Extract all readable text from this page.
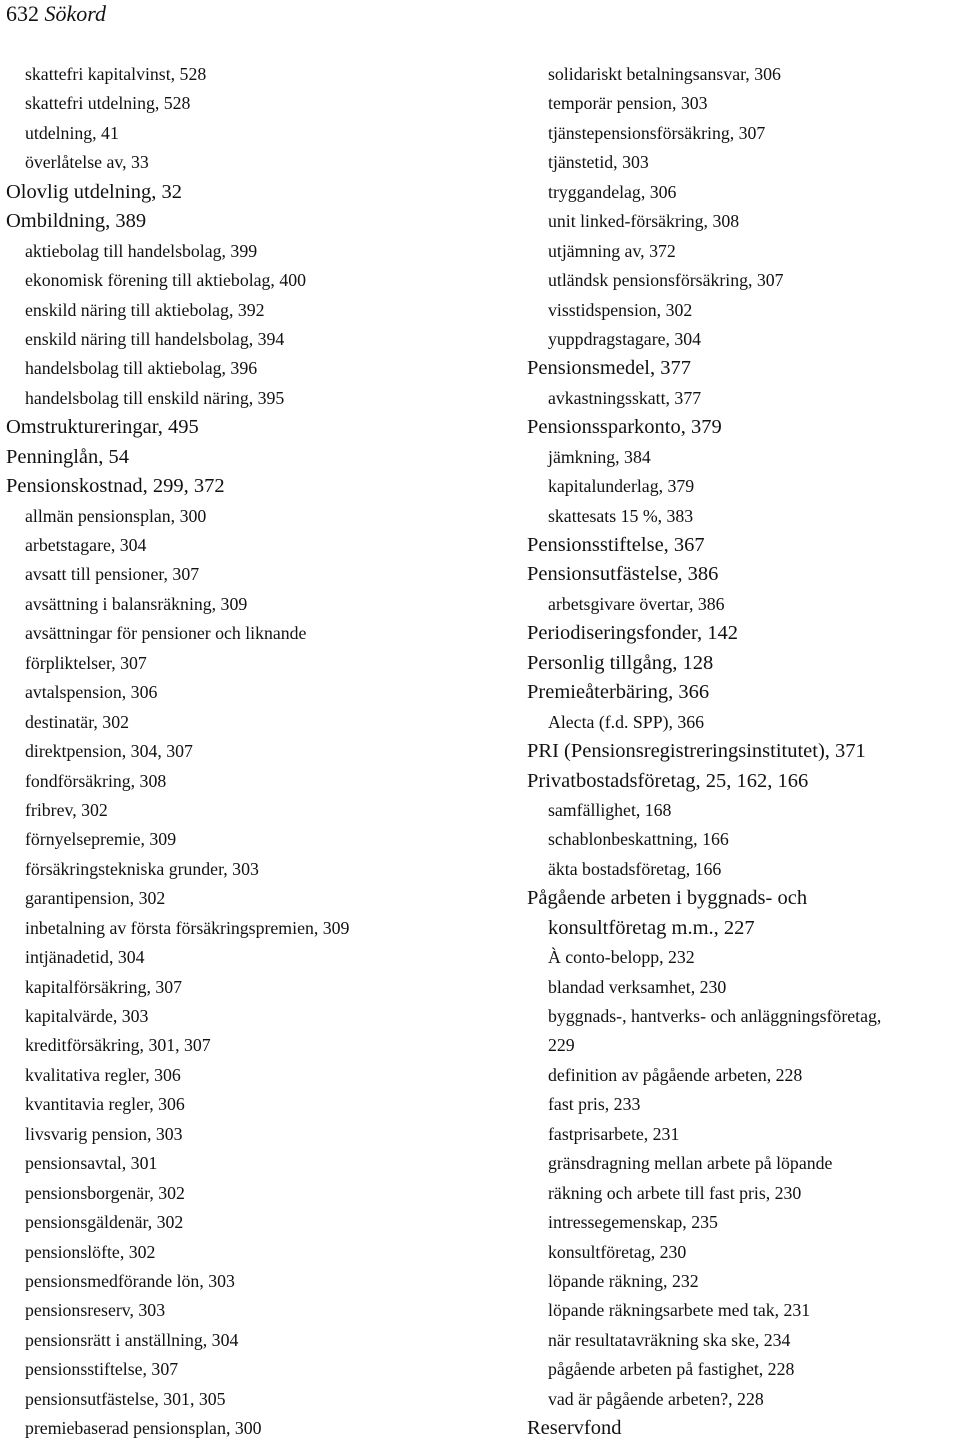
632 Sökord
skattefri kapitalvinst, 528
skattefri utdelning, 528
utdelning, 41
överlåtelse av, 33
Olovlig utdelning, 32
Ombildning, 389
aktiebolag till handelsbolag, 399
ekonomisk förening till aktiebolag, 400
enskild näring till aktiebolag, 392
enskild näring till handelsbolag, 394
handelsbolag till aktiebolag, 396
handelsbolag till enskild näring, 395
Omstruktureringar, 495
Penninglån, 54
Pensionskostnad, 299, 372
allmän pensionsplan, 300
arbetstagare, 304
avsatt till pensioner, 307
avsättning i balansräkning, 309
avsättningar för pensioner och liknande
förpliktelser, 307
avtalspension, 306
destinatär, 302
direktpension, 304, 307
fondförsäkring, 308
fribrev, 302
förnyelsepremie, 309
försäkringstekniska grunder, 303
garantipension, 302
inbetalning av första försäkringspremien, 309
intjänadetid, 304
kapitalförsäkring, 307
kapitalvärde, 303
kreditförsäkring, 301, 307
kvalitativa regler, 306
kvantitavia regler, 306
livsvarig pension, 303
pensionsavtal, 301
pensionsborgenär, 302
pensionsgäldenär, 302
pensionslöfte, 302
pensionsmedförande lön, 303
pensionsreserv, 303
pensionsrätt i anställning, 304
pensionsstiftelse, 307
pensionsutfästelse, 301, 305
premiebaserad pensionsplan, 300
solidariskt betalningsansvar, 306
temporär pension, 303
tjänstepensionsförsäkring, 307
tjänstetid, 303
tryggandelag, 306
unit linked-försäkring, 308
utjämning av, 372
utländsk pensionsförsäkring, 307
visstidspension, 302
yuppdragstagare, 304
Pensionsmedel, 377
avkastningsskatt, 377
Pensionssparkonto, 379
jämkning, 384
kapitalunderlag, 379
skattesats 15 %, 383
Pensionsstiftelse, 367
Pensionsutfästelse, 386
arbetsgivare övertar, 386
Periodiseringsfonder, 142
Personlig tillgång, 128
Premieåterbäring, 366
Alecta (f.d. SPP), 366
PRI (Pensionsregistreringsinstitutet), 371
Privatbostadsföretag, 25, 162, 166
samfällighet, 168
schablonbeskattning, 166
äkta bostadsföretag, 166
Pågående arbeten i byggnads- och
konsultföretag m.m., 227
À conto-belopp, 232
blandad verksamhet, 230
byggnads-, hantverks- och anläggningsföretag,
229
definition av pågående arbeten, 228
fast pris, 233
fastprisarbete, 231
gränsdragning mellan arbete på löpande
räkning och arbete till fast pris, 230
intressegemenskap, 235
konsultföretag, 230
löpande räkning, 232
löpande räkningsarbete med tak, 231
när resultatavräkning ska ske, 234
pågående arbeten på fastighet, 228
vad är pågående arbeten?, 228
Reservfond
